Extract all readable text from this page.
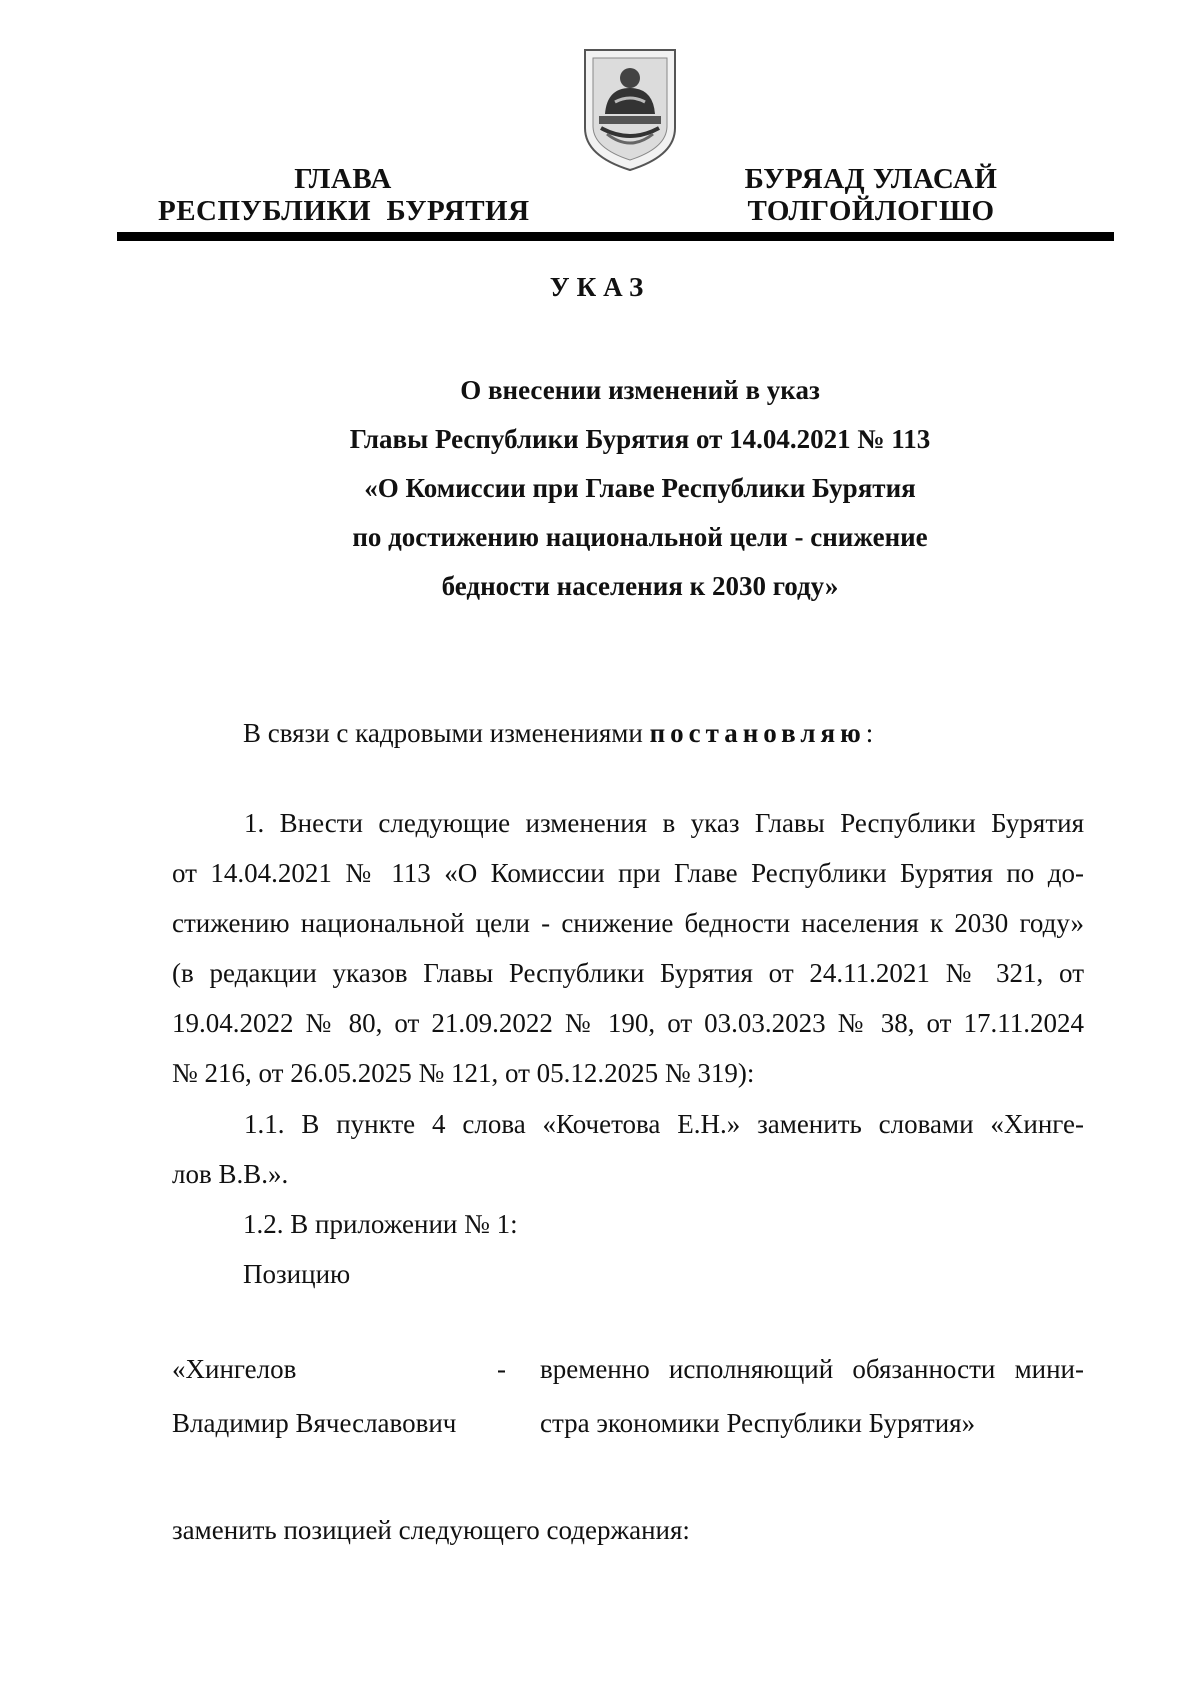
ГЛАВА
РЕСПУБЛИКИ  БУРЯТИЯ
БУРЯАД УЛАСАЙ
ТОЛГОЙЛОГШО
УКАЗ
О внесении изменений в указ
Главы Республики Бурятия от 14.04.2021 № 113
«О Комиссии при Главе Республики Бурятия
по достижению национальной цели - снижение
бедности населения к 2030 году»
В связи с кадровыми изменениями постановляю:
1. Внести следующие изменения в указ Главы Республики Бурятия
от 14.04.2021 № 113 «О Комиссии при Главе Республики Бурятия по до-
стижению национальной цели - снижение бедности населения к 2030 году»
(в редакции указов Главы Республики Бурятия от 24.11.2021 № 321, от
19.04.2022 № 80, от 21.09.2022 № 190, от 03.03.2023 № 38, от 17.11.2024
№ 216, от 26.05.2025 № 121, от 05.12.2025 № 319):
1.1. В пункте 4 слова «Кочетова Е.Н.» заменить словами «Хинге-
лов В.В.».
1.2. В приложении № 1:
Позицию
«Хингелов
Владимир Вячеславович
- временно исполняющий обязанности мини-
стра экономики Республики Бурятия»
заменить позицией следующего содержания:
